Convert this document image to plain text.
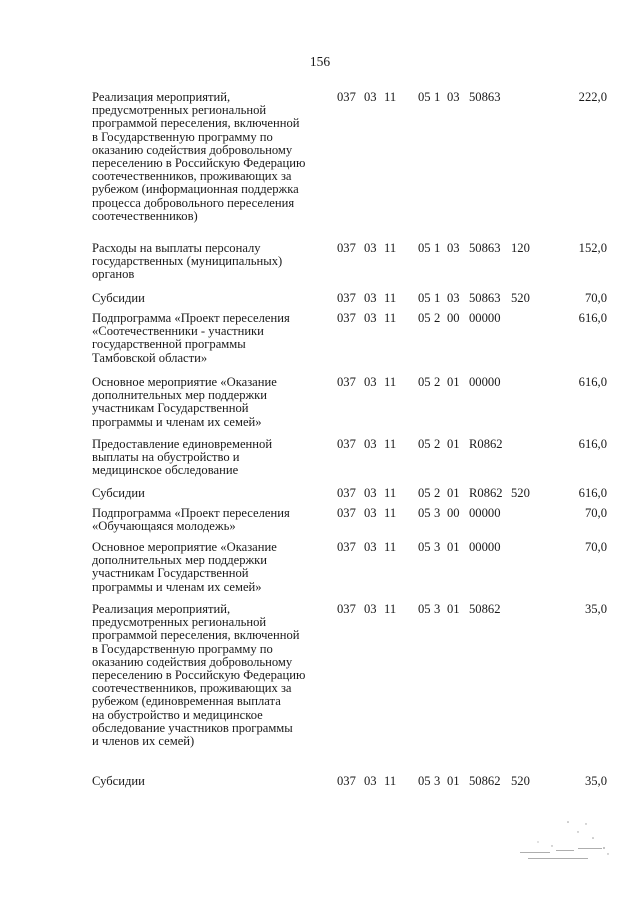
156
Реализация мероприятий,
предусмотренных региональной
программой переселения, включенной
в Государственную программу по
оказанию содействия добровольному
переселению в Российскую Федерацию
соотечественников, проживающих за
рубежом (информационная поддержка
процесса добровольного переселения
соотечественников)
037 03 11 05 1 03 50863	222,0
Расходы на выплаты персоналу
государственных (муниципальных)
органов
037 03 11 05 1 03 50863 120	152,0
Субсидии	037 03 11 05 1 03 50863 520	70,0
Подпрограмма «Проект переселения
«Соотечественники - участники
государственной программы
Тамбовской области»
037 03 11 05 2 00 00000	616,0
Основное мероприятие «Оказание
дополнительных мер поддержки
участникам Государственной
программы и членам их семей»
037 03 11 05 2 01 00000	616,0
Предоставление единовременной
выплаты на обустройство и
медицинское обследование
037 03 11 05 2 01 R0862	616,0
Субсидии	037 03 11 05 2 01 R0862 520	616,0
Подпрограмма «Проект переселения
«Обучающаяся молодежь»
037 03 11 05 3 00 00000	70,0
Основное мероприятие «Оказание
дополнительных мер поддержки
участникам Государственной
программы и членам их семей»
037 03 11 05 3 01 00000	70,0
Реализация мероприятий,
предусмотренных региональной
программой переселения, включенной
в Государственную программу по
оказанию содействия добровольному
переселению в Российскую Федерацию
соотечественников, проживающих за
рубежом (единовременная выплата
на обустройство и медицинское
обследование участников программы
и членов их семей)
037 03 11 05 3 01 50862	35,0
Субсидии	037 03 11 05 3 01 50862 520	35,0
